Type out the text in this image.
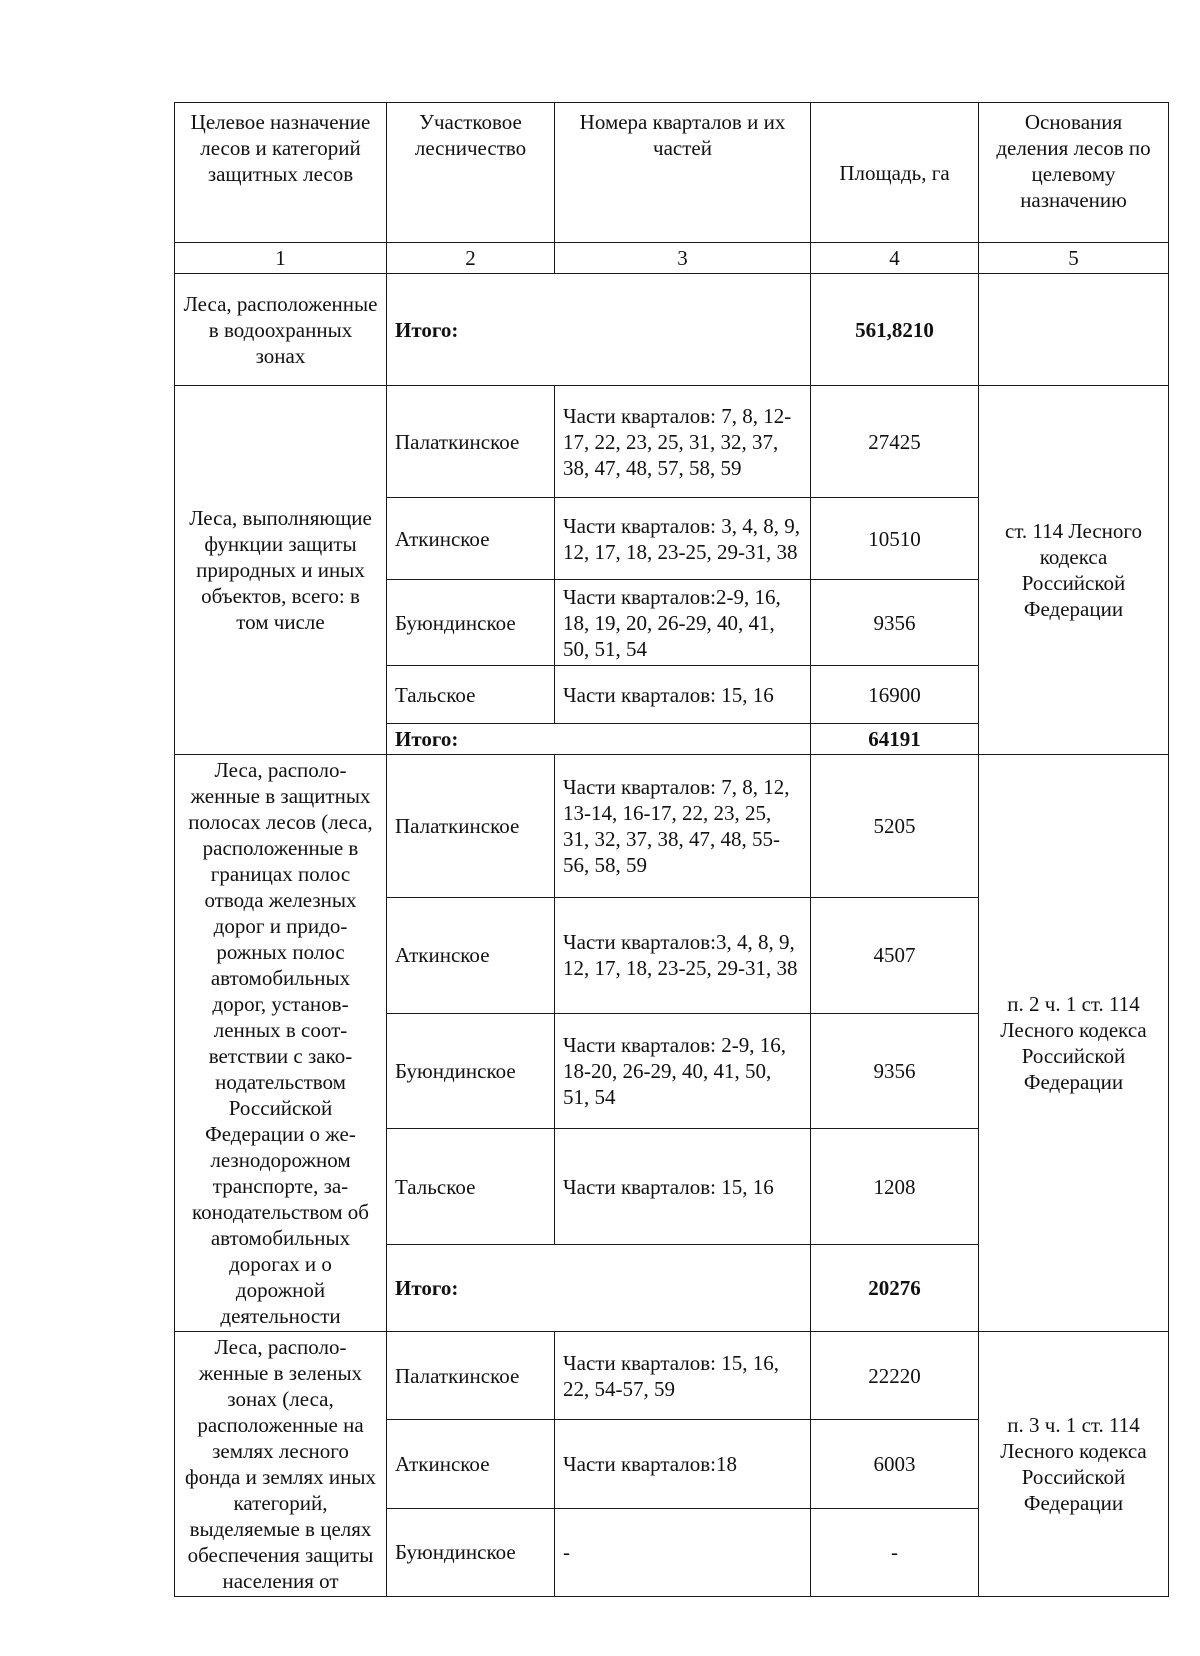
Целевое назначение лесов и категорий защитных лесов	Участковое лесничество	Номера кварталов и их частей	Площадь, га	Основания деления лесов по целевому назначению
1	2	3	4	5
Леса, расположенные в водоохранных зонах	Итого:		561,8210	
Леса, выполняющие функции защиты природных и иных объектов, всего: в том числе	Палаткинское	Части кварталов: 7, 8, 12-17, 22, 23, 25, 31, 32, 37, 38, 47, 48, 57, 58, 59	27425	ст. 114 Лесного кодекса Российской Федерации
	Аткинское	Части кварталов: 3, 4, 8, 9, 12, 17, 18, 23-25, 29-31, 38	10510	
	Буюндинское	Части кварталов:2-9, 16, 18, 19, 20, 26-29, 40, 41, 50, 51, 54	9356	
	Тальское	Части кварталов: 15, 16	16900	
	Итого:		64191	
Леса, располо-женные в защитных полосах лесов (леса, расположенные в границах полос отвода железных дорог и придо-рожных полос автомобильных дорог, установ-ленных в соот-ветствии с зако-нодательством Российской Федерации о же-лезнодорожном транспорте, за-конодательством об автомобильных дорогах и о дорожной деятельности	Палаткинское	Части кварталов: 7, 8, 12, 13-14, 16-17, 22, 23, 25, 31, 32, 37, 38, 47, 48, 55-56, 58, 59	5205	п. 2 ч. 1 ст. 114 Лесного кодекса Российской Федерации
	Аткинское	Части кварталов:3, 4, 8, 9, 12, 17, 18, 23-25, 29-31, 38	4507	
	Буюндинское	Части кварталов: 2-9, 16, 18-20, 26-29, 40, 41, 50, 51, 54	9356	
	Тальское	Части кварталов: 15, 16	1208	
	Итого:		20276	
Леса, располо-женные в зеленых зонах (леса, расположенные на землях лесного фонда и землях иных категорий, выделяемые в целях обеспечения защиты населения от	Палаткинское	Части кварталов: 15, 16, 22, 54-57, 59	22220	п. 3 ч. 1 ст. 114 Лесного кодекса Российской Федерации
	Аткинское	Части кварталов:18	6003	
	Буюндинское	-	-	
